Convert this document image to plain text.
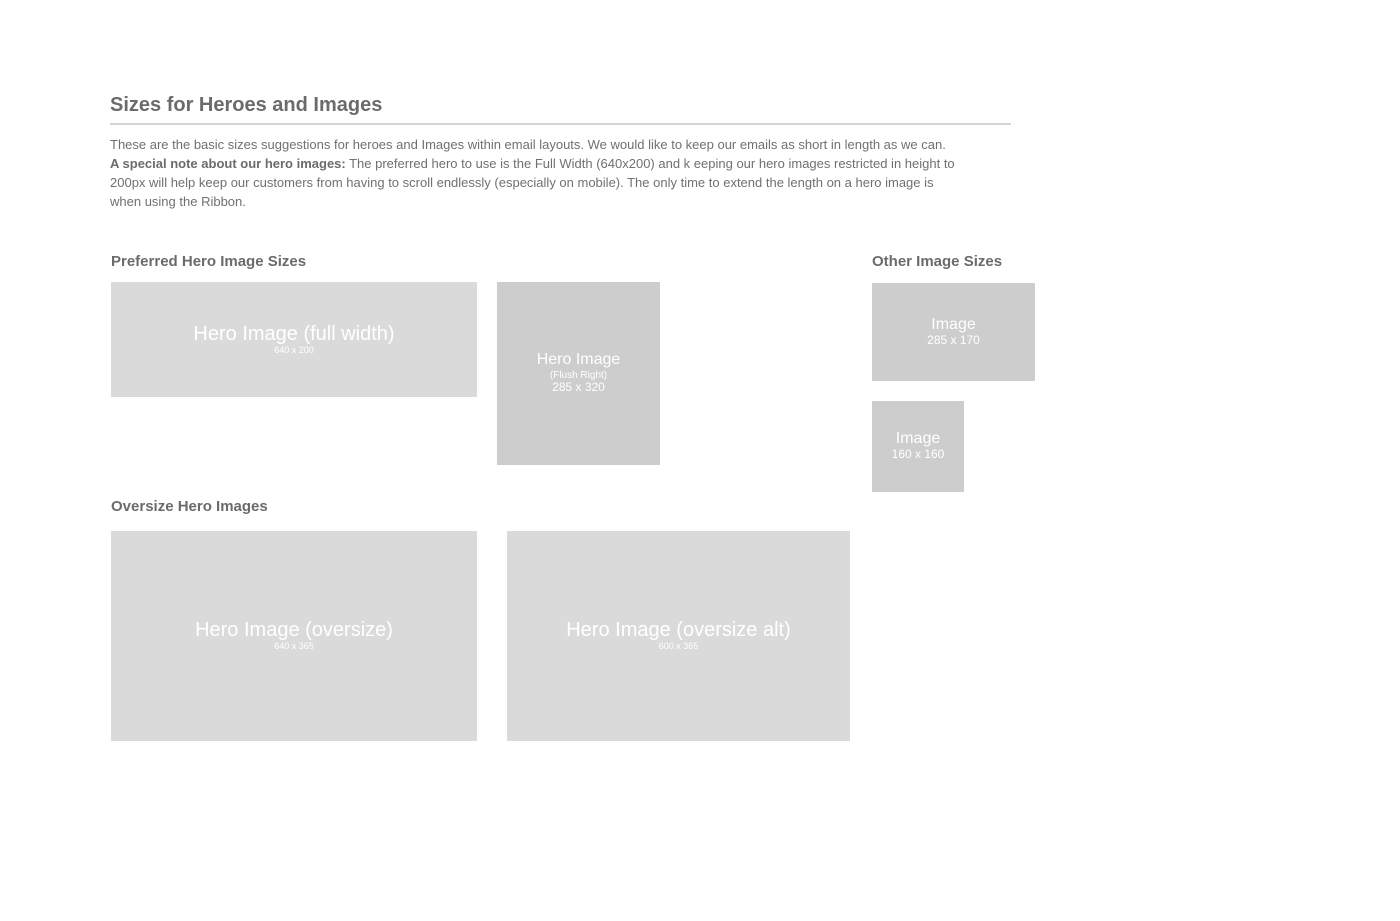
Sizes for Heroes and Images

These are the basic sizes suggestions for heroes and Images within email layouts. We would like to keep our emails as short in length as we can.
A special note about our hero images: The preferred hero to use is the Full Width (640x200) and k eeping our hero images restricted in height to
200px will help keep our customers from having to scroll endlessly (especially on mobile). The only time to extend the length on a hero image is
when using the Ribbon.

Preferred Hero Image Sizes
Hero Image (full width)
640 x 200
Hero Image
(Flush Right)
285 x 320
Other Image Sizes
Image
285 x 170
Image
160 x 160
Oversize Hero Images
Hero Image (oversize)
640 x 365
Hero Image (oversize alt)
600 x 365
